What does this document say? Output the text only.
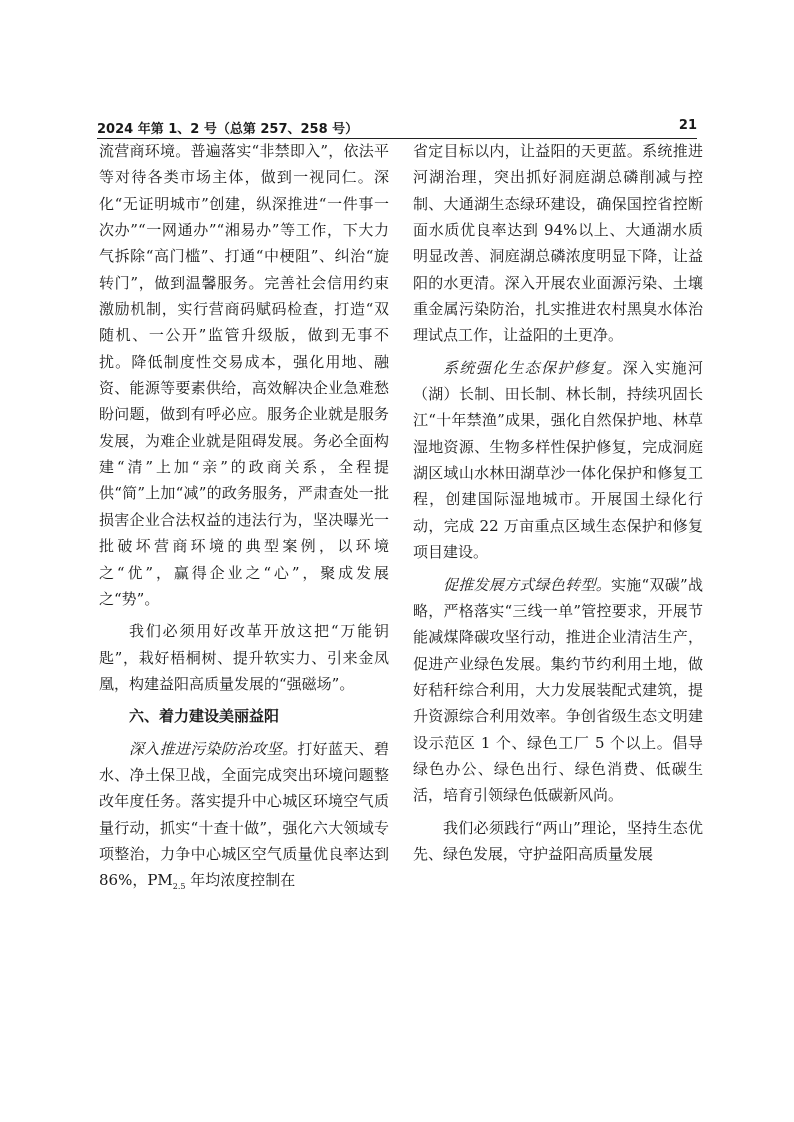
2024 年第 1、2 号（总第 257、258 号）	21

流营商环境。普遍落实“非禁即入”，依法平等对待各类市场主体，做到一视同仁。深化“无证明城市”创建，纵深推进“一件事一次办”“一网通办”“湘易办”等工作，下大力气拆除“高门槛”、打通“中梗阻”、纠治“旋转门”，做到温馨服务。完善社会信用约束激励机制，实行营商码赋码检查，打造“双随机、一公开”监管升级版，做到无事不扰。降低制度性交易成本，强化用地、融资、能源等要素供给，高效解决企业急难愁盼问题，做到有呼必应。服务企业就是服务发展，为难企业就是阻碍发展。务必全面构建“清”上加“亲”的政商关系，全程提供“简”上加“减”的政务服务，严肃查处一批损害企业合法权益的违法行为，坚决曝光一批破坏营商环境的典型案例，以环境之“优”，赢得企业之“心”，聚成发展之“势”。

我们必须用好改革开放这把“万能钥匙”，栽好梧桐树、提升软实力、引来金凤凰，构建益阳高质量发展的“强磁场”。

六、着力建设美丽益阳

深入推进污染防治攻坚。打好蓝天、碧水、净土保卫战，全面完成突出环境问题整改年度任务。落实提升中心城区环境空气质量行动，抓实“十查十做”，强化六大领域专项整治，力争中心城区空气质量优良率达到 86%，$PM_{2.5}$ 年均浓度控制在

省定目标以内，让益阳的天更蓝。系统推进河湖治理，突出抓好洞庭湖总磷削减与控制、大通湖生态绿环建设，确保国控省控断面水质优良率达到 94%以上、大通湖水质明显改善、洞庭湖总磷浓度明显下降，让益阳的水更清。深入开展农业面源污染、土壤重金属污染防治，扎实推进农村黑臭水体治理试点工作，让益阳的土更净。

系统强化生态保护修复。深入实施河（湖）长制、田长制、林长制，持续巩固长江“十年禁渔”成果，强化自然保护地、林草湿地资源、生物多样性保护修复，完成洞庭湖区域山水林田湖草沙一体化保护和修复工程，创建国际湿地城市。开展国土绿化行动，完成 22 万亩重点区域生态保护和修复项目建设。

促推发展方式绿色转型。实施“双碳”战略，严格落实“三线一单”管控要求，开展节能减煤降碳攻坚行动，推进企业清洁生产，促进产业绿色发展。集约节约利用土地，做好秸秆综合利用，大力发展装配式建筑，提升资源综合利用效率。争创省级生态文明建设示范区 1 个、绿色工厂 5 个以上。倡导绿色办公、绿色出行、绿色消费、低碳生活，培育引领绿色低碳新风尚。

我们必须践行“两山”理论，坚持生态优先、绿色发展，守护益阳高质量发展
